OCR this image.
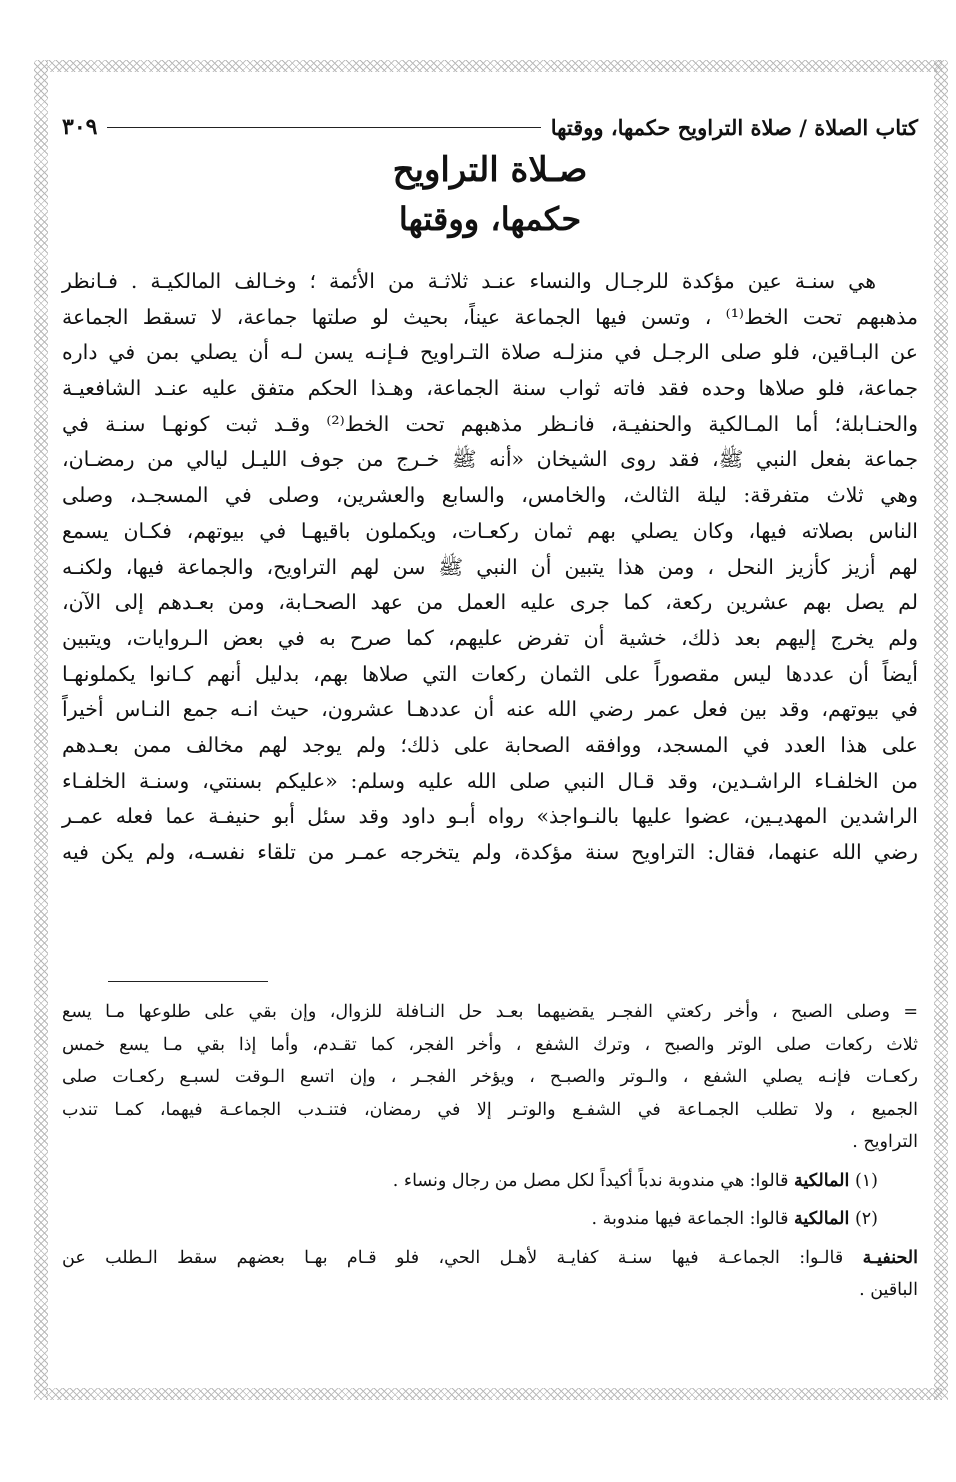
كتاب الصلاة / صلاة التراويح حكمها، ووقتها
٣٠٩
صـلاة التراويح
حكمها، ووقتها
هي سنـة عين مؤكدة للرجـال والنساء عنـد ثلاثـة من الأئمة ؛ وخـالف المالكيـة . فـانظر
مذهبهم تحت الخط⁽¹⁾ ، وتسن فيها الجماعة عيناً، بحيث لو صلتها جماعة، لا تسقط الجماعة
عن البـاقين، فلو صلى الرجـل في منزلـه صلاة التـراويح فـإنـه يسن لـه أن يصلي بمن في داره
جماعة، فلو صلاها وحده فقد فاته ثواب سنة الجماعة، وهـذا الحكم متفق عليه عنـد الشافعيـة
والحنـابلة؛ أما المـالكية والحنفيـة، فانـظر مذهبهم تحت الخط⁽²⁾ وقـد ثبت كونهـا سنـة في
جماعة بفعل النبي ﷺ، فقد روى الشيخان «أنه ﷺ خـرج من جوف الليـل ليالي من رمضـان،
وهي ثلاث متفرقة: ليلة الثالث، والخامس، والسابع والعشرين، وصلى في المسجـد، وصلى
الناس بصلاته فيها، وكان يصلي بهم ثمان ركعـات، ويكملون باقيهـا في بيوتهم، فكـان يسمع
لهم أزيز كأزيز النحل ، ومن هذا يتبين أن النبي ﷺ سن لهم التراويح، والجماعة فيها، ولكنـه
لم يصل بهم عشرين ركعة، كما جرى عليه العمل من عهد الصحـابة، ومن بعـدهم إلى الآن،
ولم يخرج إليهم بعد ذلك، خشية أن تفرض عليهم، كما صرح به في بعض الـروايات، ويتبين
أيضاً أن عددها ليس مقصوراً على الثمان ركعات التي صلاها بهم، بدليل أنهم كـانوا يكملونهـا
في بيوتهم، وقد بين فعل عمر رضي الله عنه أن عددهـا عشرون، حيث انـه جمع النـاس أخيراً
على هذا العدد في المسجد، ووافقه الصحابة على ذلك؛ ولم يوجد لهم مخالف ممن بعـدهم
من الخلفـاء الراشـدين، وقد قـال النبي صلى الله عليه وسلم: «عليكم بسنتي، وسنـة الخلفـاء
الراشدين المهديـين، عضوا عليها بالنـواجذ» رواه أبـو داود وقد سئل أبو حنيفـة عما فعله عمـر
رضي الله عنهما، فقال: التراويح سنة مؤكدة، ولم يتخرجه عمـر من تلقاء نفسـه، ولم يكن فيه
= وصلى الصبح ، وأخر ركعتي الفجـر يقضيهما بعـد حل النـافلة للزوال، وإن بقي على طلوعها مـا يسع
ثلاث ركعات صلى الوتر والصبح ، وترك الشفع ، وأخر الفجر، كما تقـدم، وأما إذا بقي مـا يسع خمس
ركعـات فإنـه يصلي الشفع ، والـوتر والصبـح ، ويؤخر الفجـر ، وإن اتسع الـوقت لسبـع ركعـات صلى
الجميع ، ولا تطلب الجمـاعة في الشفـع والوتـر إلا في رمضان، فتنـدب الجماعـة فيهما، كمـا تندب
التراويح .
(١) المالكية قالوا: هي مندوبة ندباً أكيداً لكل مصل من رجال ونساء .
(٢) المالكية قالوا: الجماعة فيها مندوبة .
الحنفيـة قالـوا: الجماعـة فيها سنـة كفايـة لأهـل الحي، فلو قـام بهـا بعضهم سقط الـطلب عن
الباقين .
